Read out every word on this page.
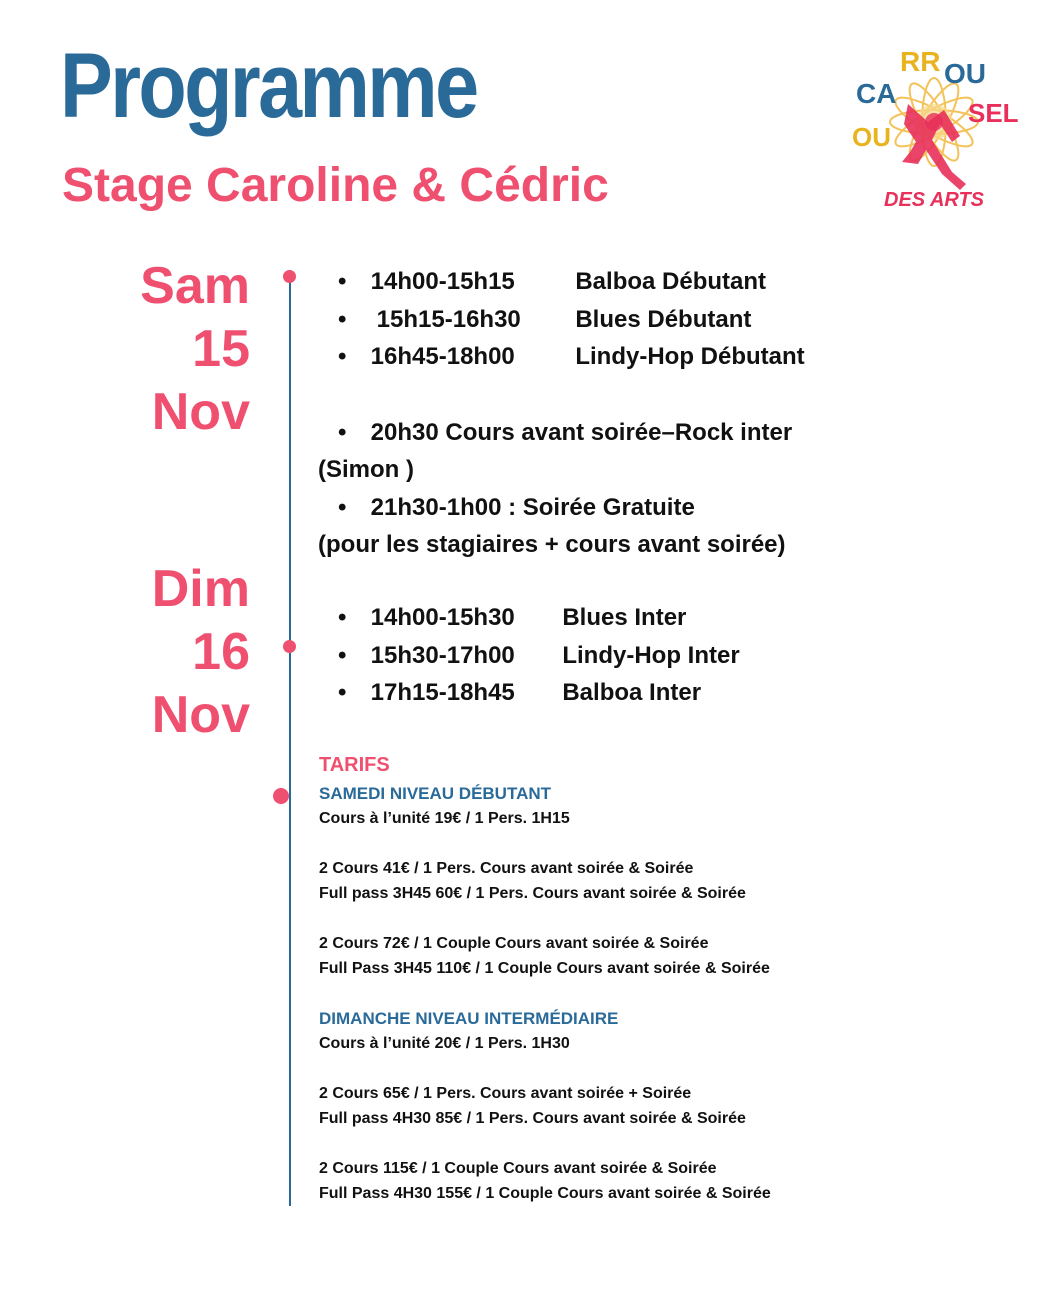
Programme
Stage Caroline & Cédric
CA
RR OU
OU
SEL
DES ARTS
Sam
15
Nov
Dim
16
Nov
• 14h00-15h15	Balboa Débutant
• 15h15-16h30 Blues Débutant
• 16h45-18h00	Lindy-Hop Débutant
• 20h30 Cours avant soirée–Rock inter
(Simon )
• 21h30-1h00 : Soirée Gratuite
(pour les stagiaires + cours avant soirée)
• 14h00-15h30 Blues Inter
• 15h30-17h00 Lindy-Hop Inter
• 17h15-18h45 Balboa Inter
TARIFS
SAMEDI NIVEAU DÉBUTANT
Cours à l’unité 19€ / 1 Pers. 1H15
2 Cours 41€ / 1 Pers. Cours avant soirée & Soirée
Full pass 3H45 60€ / 1 Pers. Cours avant soirée & Soirée
2 Cours 72€ / 1 Couple Cours avant soirée & Soirée
Full Pass 3H45 110€ / 1 Couple Cours avant soirée & Soirée
DIMANCHE NIVEAU INTERMÉDIAIRE
Cours à l’unité 20€ / 1 Pers. 1H30
2 Cours 65€ / 1 Pers. Cours avant soirée + Soirée
Full pass 4H30 85€ / 1 Pers. Cours avant soirée & Soirée
2 Cours 115€ / 1 Couple Cours avant soirée & Soirée
Full Pass 4H30 155€ / 1 Couple Cours avant soirée & Soirée
